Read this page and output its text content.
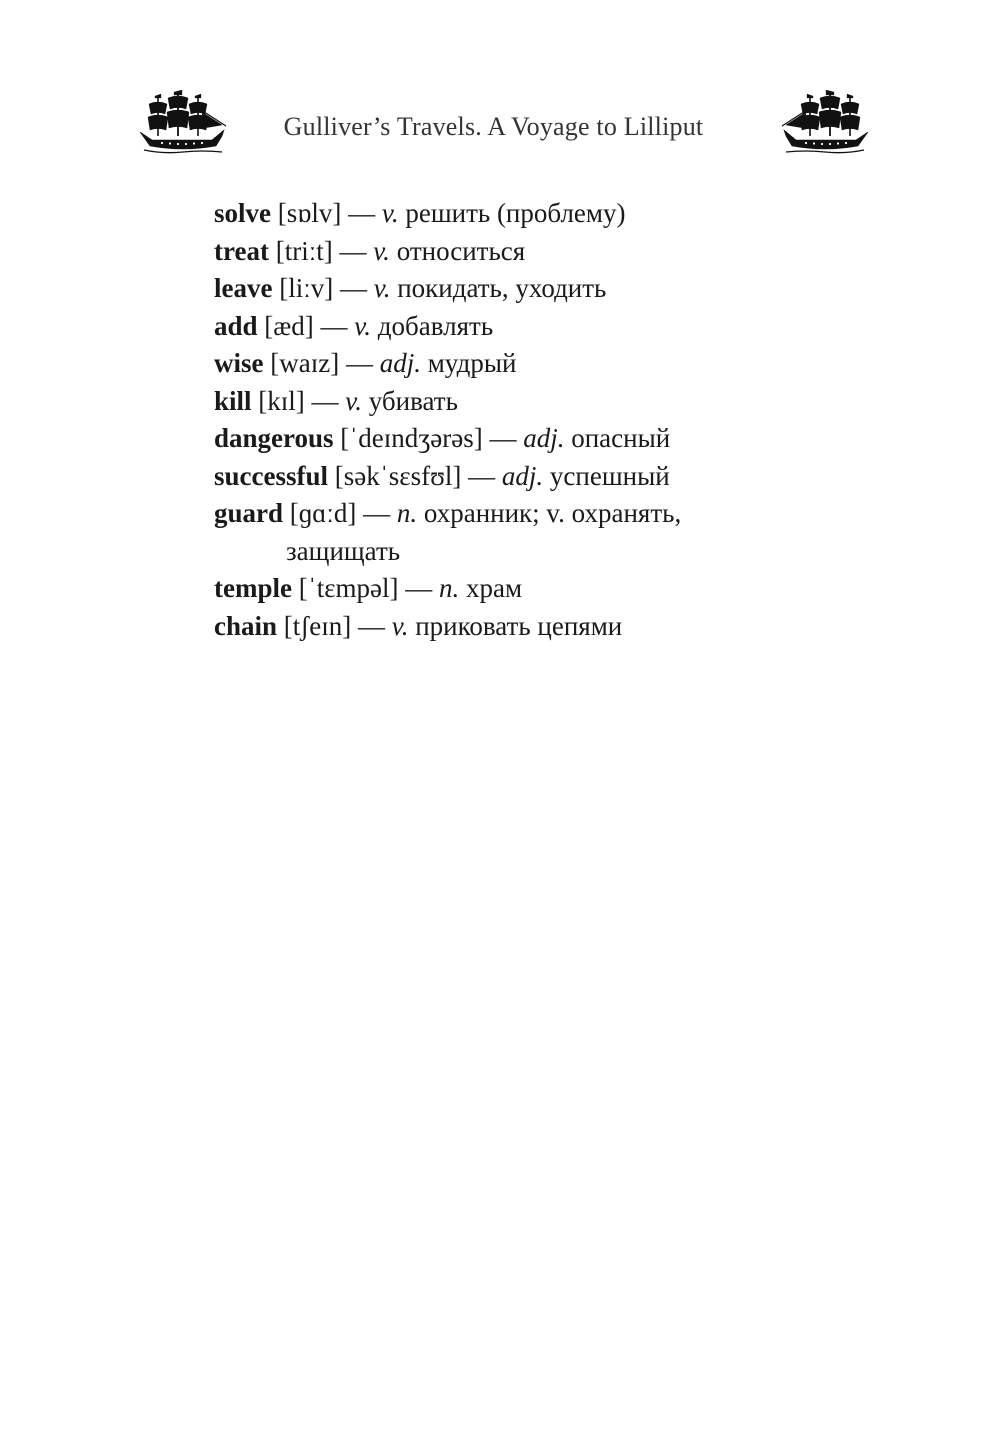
Gulliver’s Travels. A Voyage to Lilliput
solve [sɒlv] — v. решить (проблему)
treat [triːt] — v. относиться
leave [liːv] — v. покидать, уходить
add [æd] — v. добавлять
wise [waɪz] — adj. мудрый
kill [kɪl] — v. убивать
dangerous [ˈdeɪndʒərəs] — adj. опасный
successful [səkˈsɛsfʊl] — adj. успешный
guard [ɡɑːd] — n. охранник; v. охранять,
защищать
temple [ˈtɛmpəl] — n. храм
chain [tʃeɪn] — v. приковать цепями
